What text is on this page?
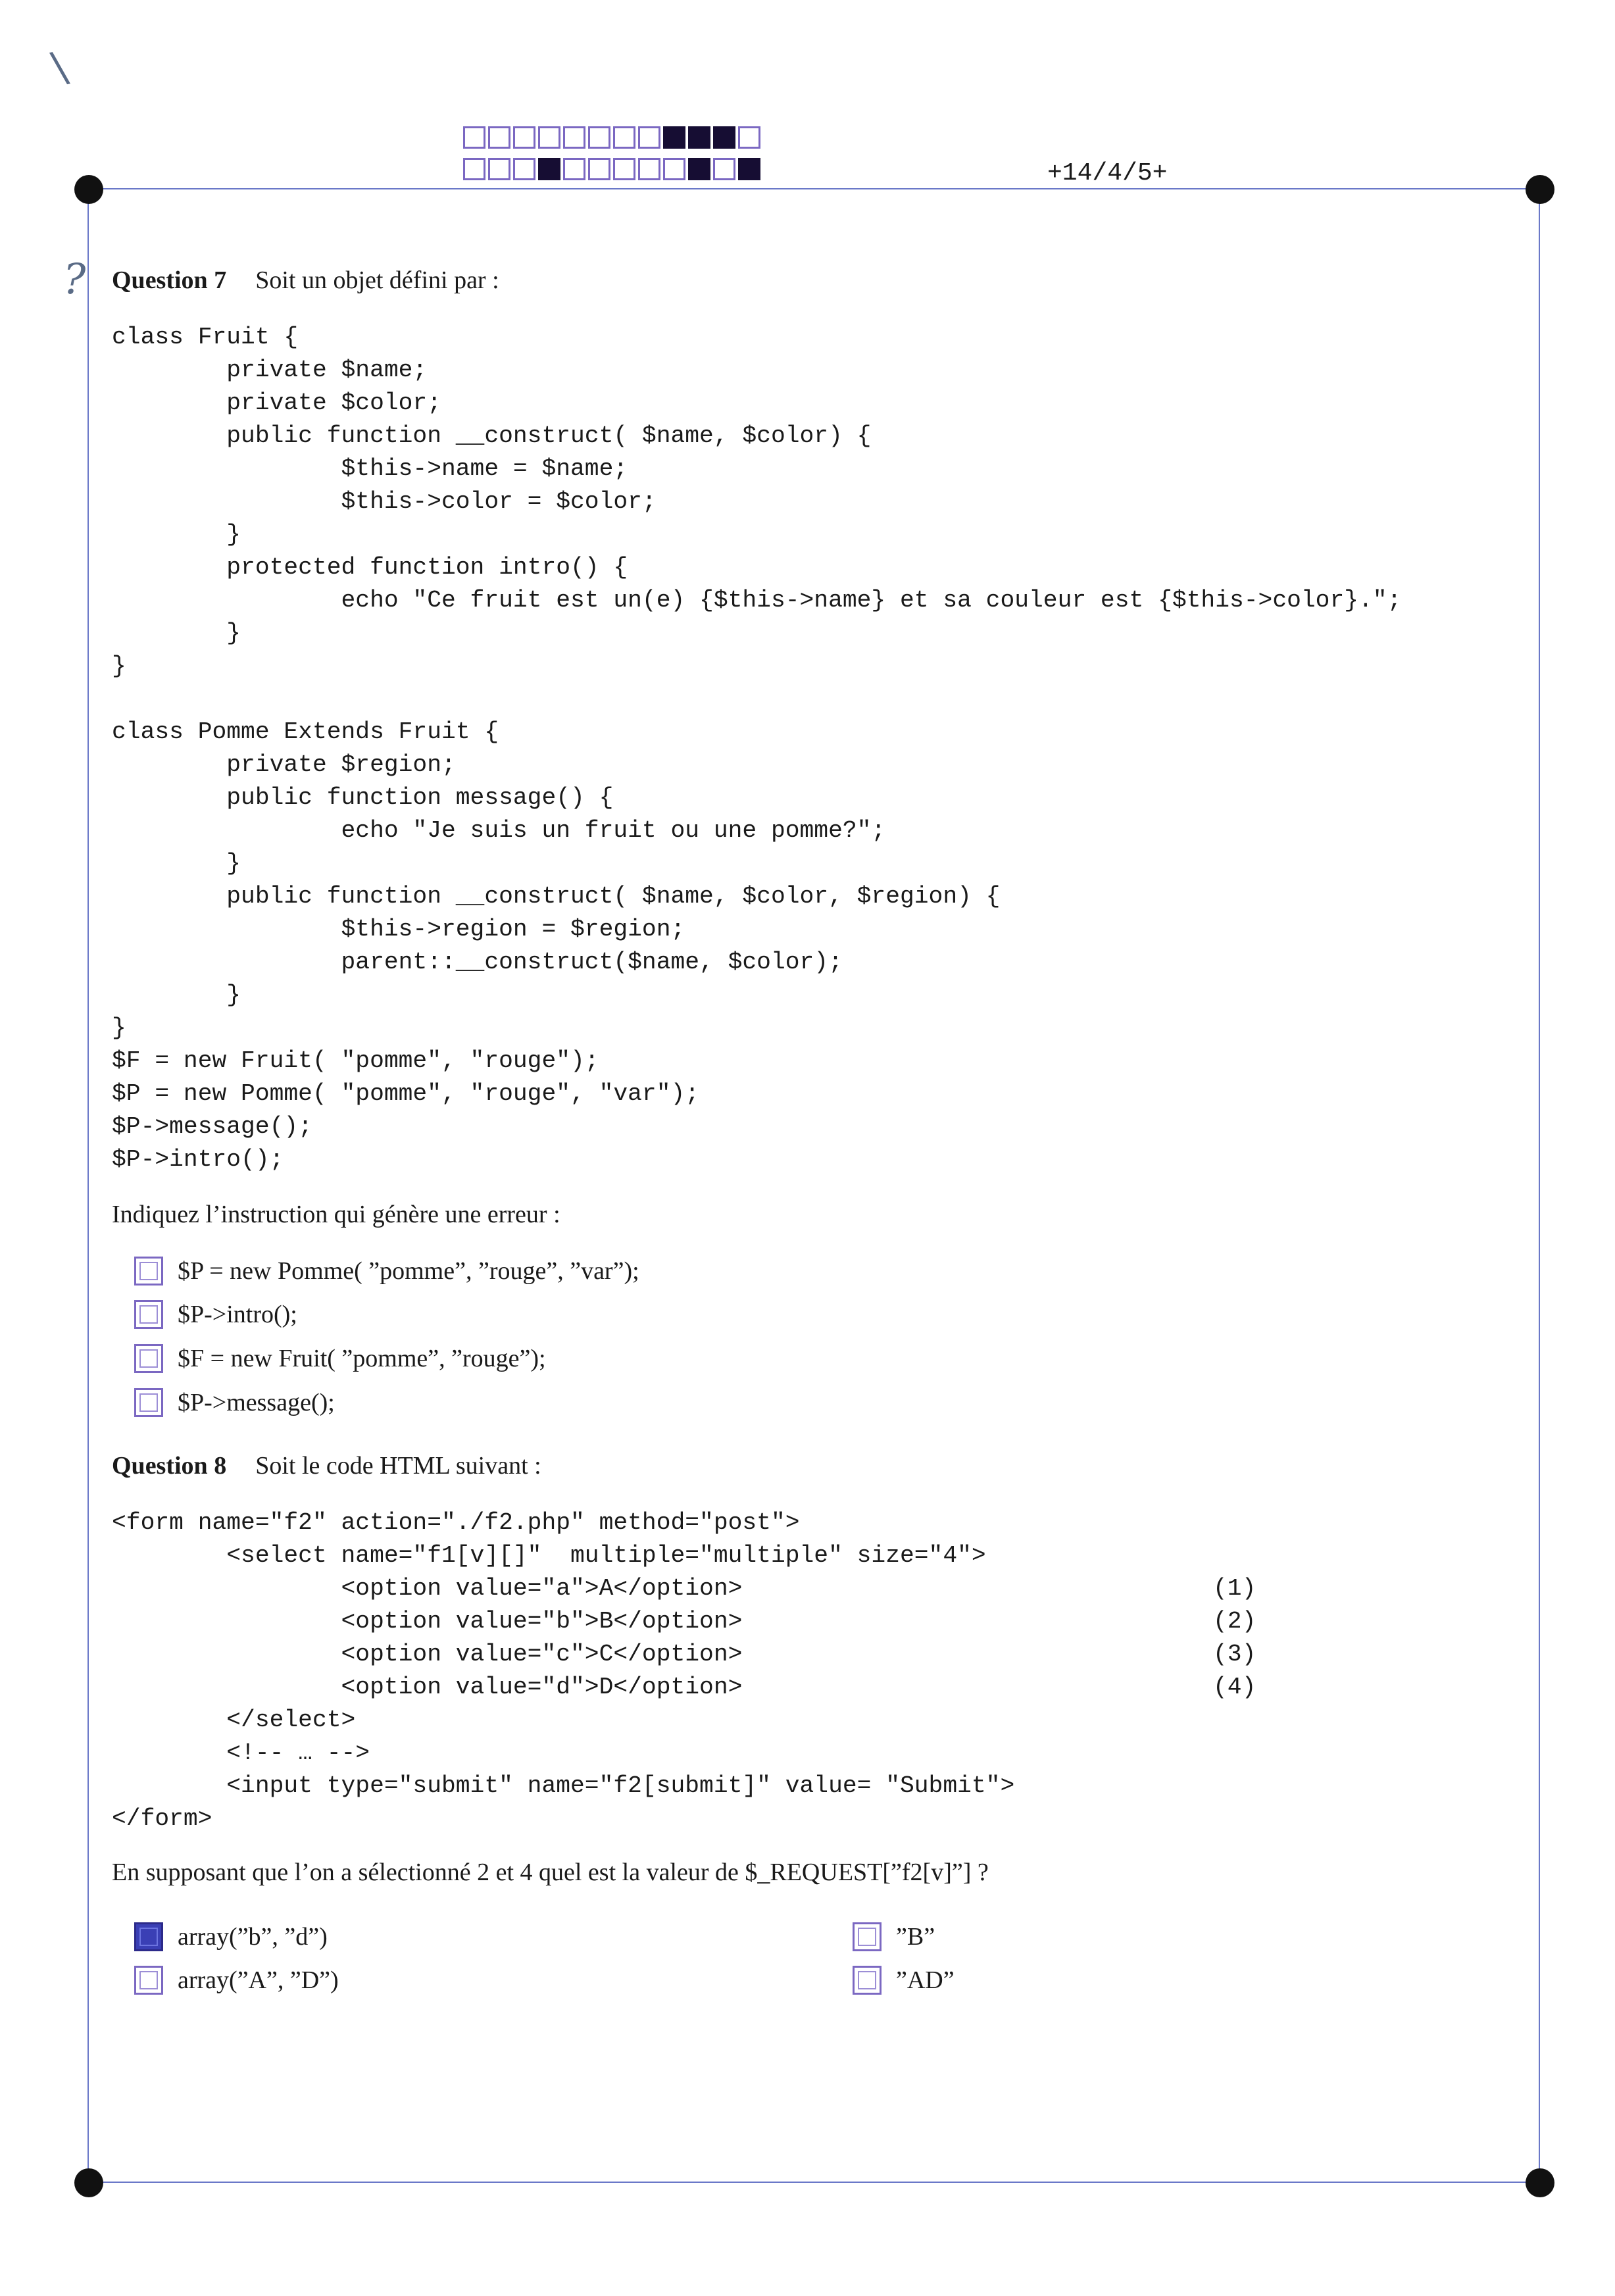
\
?
+14/4/5+
Question 7 Soit un objet défini par :
class Fruit {
private $name;
private $color;
public function __construct( $name, $color) {
$this->name = $name;
$this->color = $color;
}
protected function intro() {
echo "Ce fruit est un(e) {$this->name} et sa couleur est {$this->color}.";
}
}

class Pomme Extends Fruit {
private $region;
public function message() {
echo "Je suis un fruit ou une pomme?";
}
public function __construct( $name, $color, $region) {
$this->region = $region;
parent::__construct($name, $color);
}
}
$F = new Fruit( "pomme", "rouge");
$P = new Pomme( "pomme", "rouge", "var");
$P->message();
$P->intro();
Indiquez l’instruction qui génère une erreur :
$P = new Pomme( ”pomme”, ”rouge”, ”var”);
$P->intro();
$F = new Fruit( ”pomme”, ”rouge”);
$P->message();
Question 8 Soit le code HTML suivant :
<form name="f2" action="./f2.php" method="post">
<select name="f1[v][]"  multiple="multiple" size="4">
<option value="a">A</option>
<option value="b">B</option>
<option value="c">C</option>
<option value="d">D</option>
</select>
<!-- … -->
<input type="submit" name="f2[submit]" value= "Submit">
</form>
(1)
(2)
(3)
(4)
En supposant que l’on a sélectionné 2 et 4 quel est la valeur de $_REQUEST[”f2[v]”] ?
array(”b”, ”d”)	”B”
array(”A”, ”D”)	”AD”
